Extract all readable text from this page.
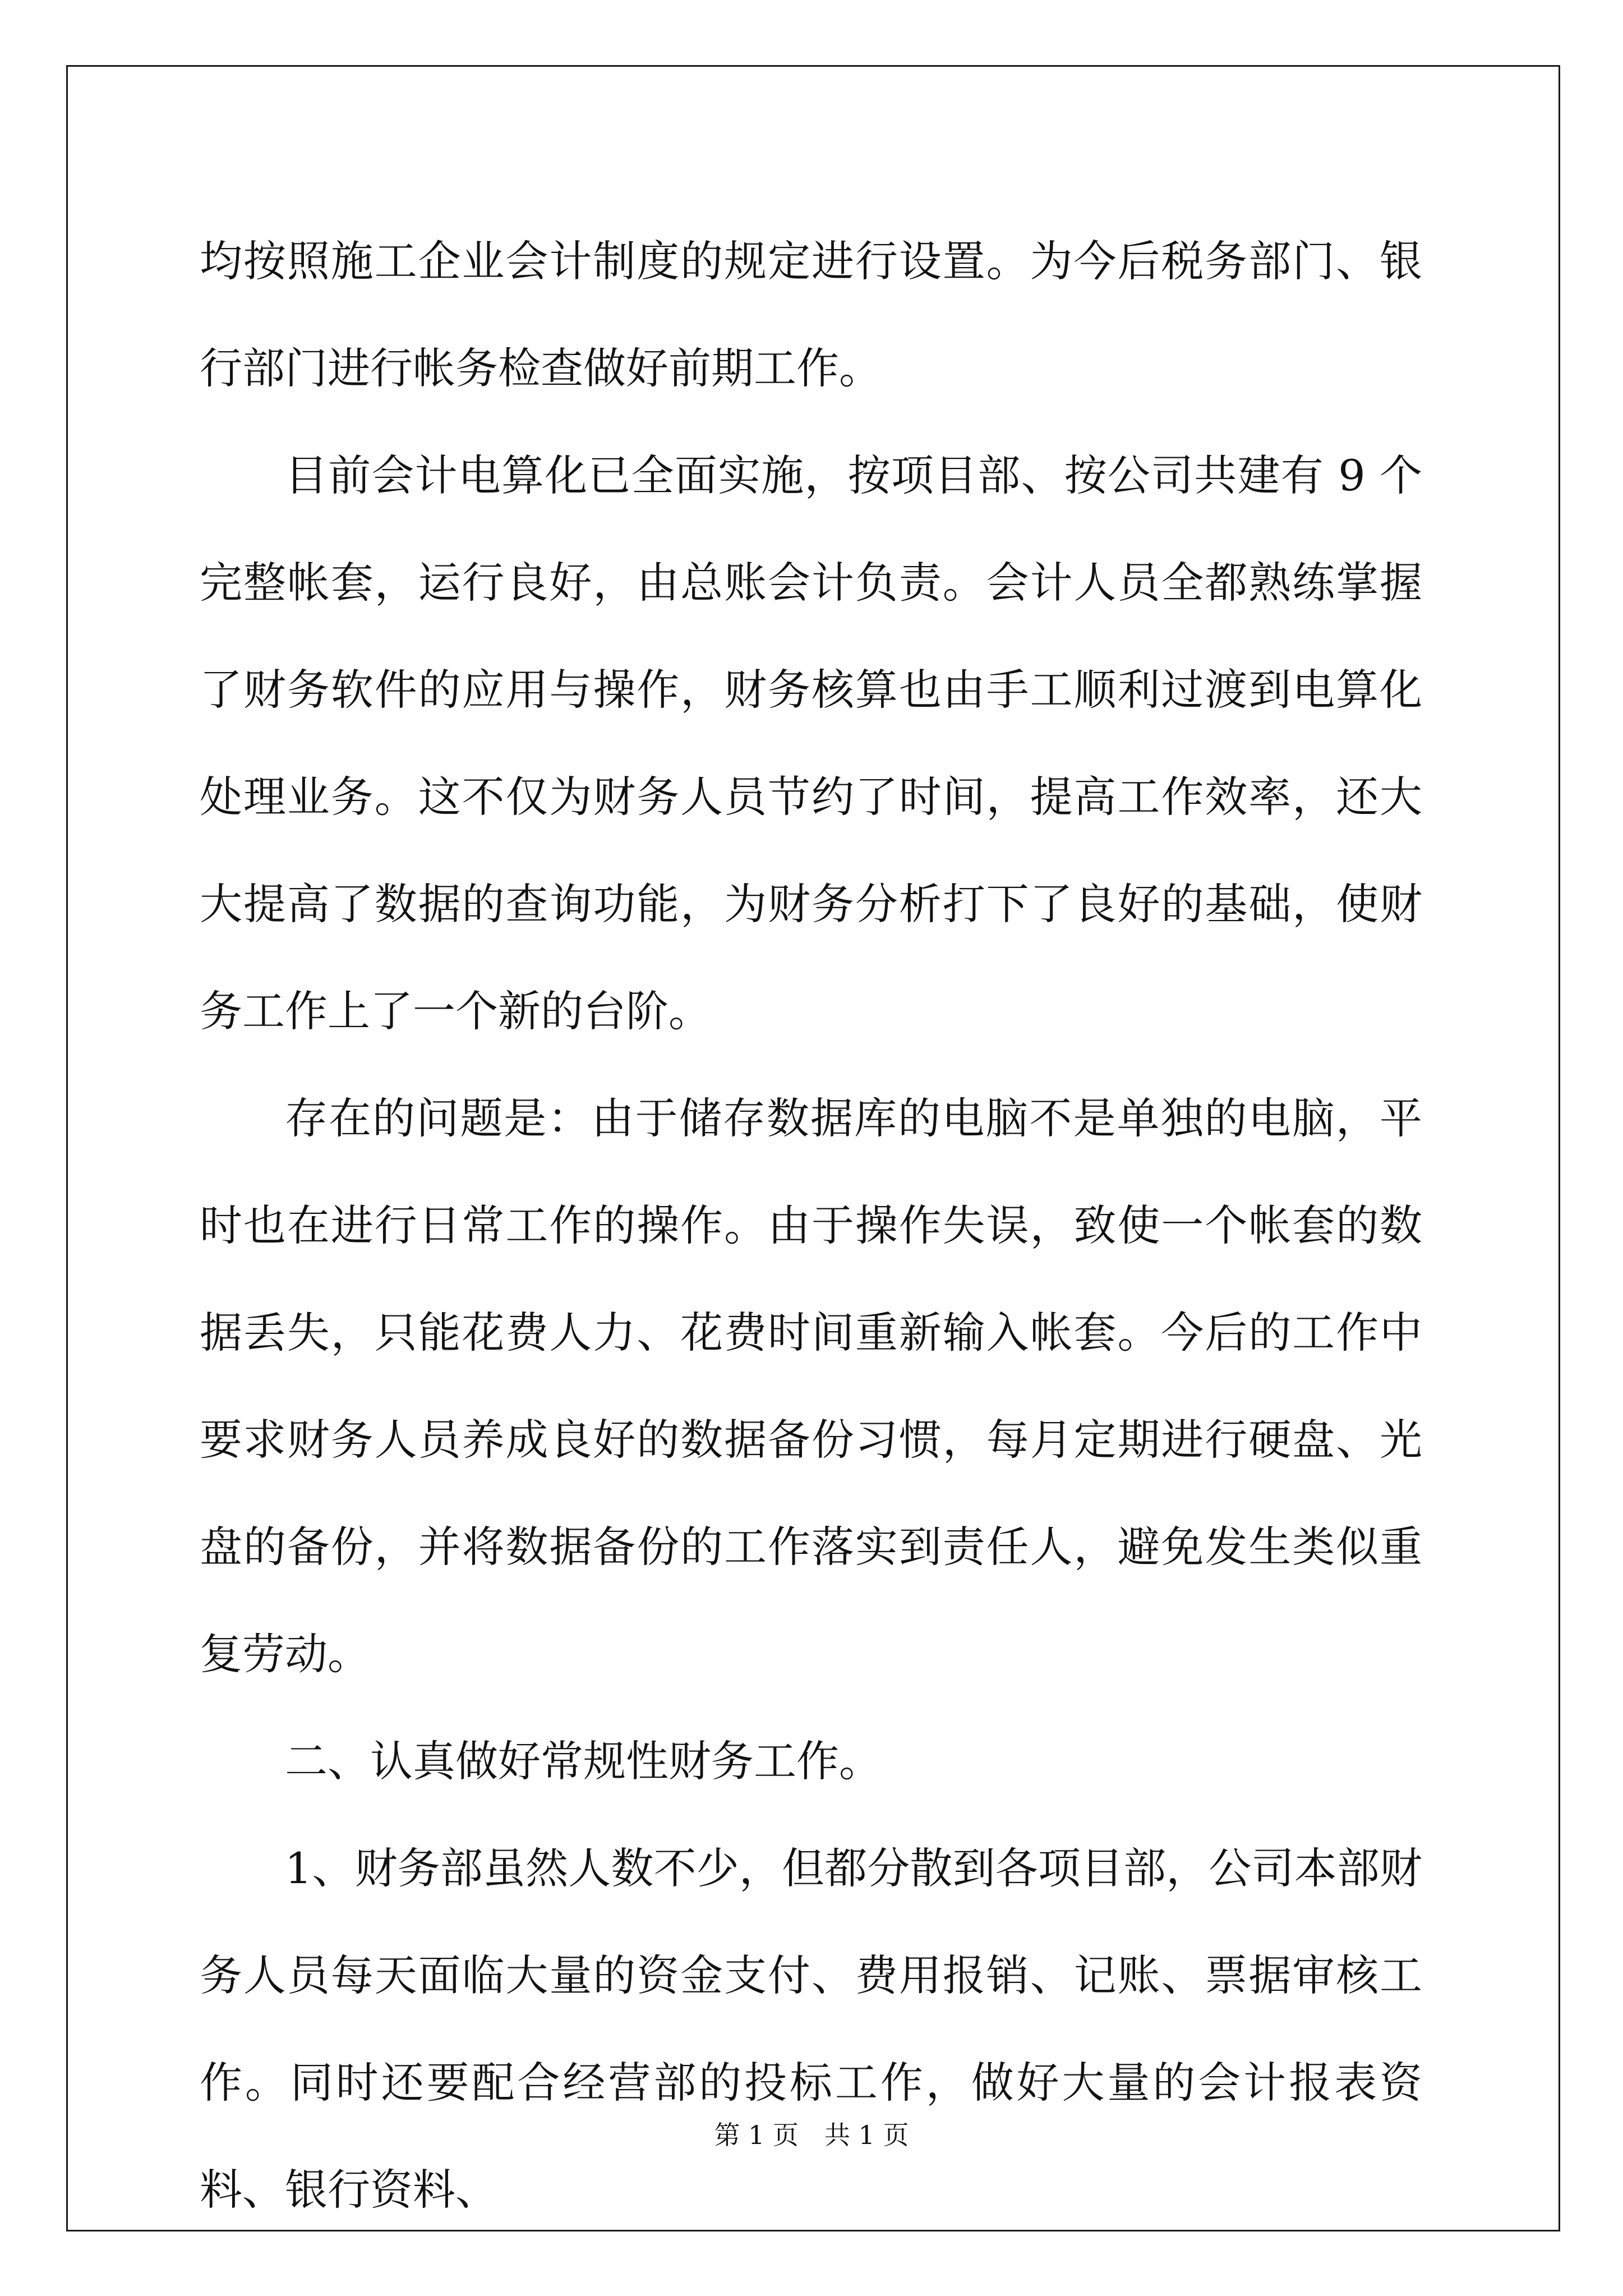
均按照施工企业会计制度的规定进行设置。为今后税务部门、银行部门进行帐务检查做好前期工作。

目前会计电算化已全面实施，按项目部、按公司共建有 9 个完整帐套，运行良好，由总账会计负责。会计人员全都熟练掌握了财务软件的应用与操作，财务核算也由手工顺利过渡到电算化处理业务。这不仅为财务人员节约了时间，提高工作效率，还大大提高了数据的查询功能，为财务分析打下了良好的基础，使财务工作上了一个新的台阶。

存在的问题是：由于储存数据库的电脑不是单独的电脑，平时也在进行日常工作的操作。由于操作失误，致使一个帐套的数据丢失，只能花费人力、花费时间重新输入帐套。今后的工作中要求财务人员养成良好的数据备份习惯，每月定期进行硬盘、光盘的备份，并将数据备份的工作落实到责任人，避免发生类似重复劳动。

二、认真做好常规性财务工作。

1、财务部虽然人数不少，但都分散到各项目部，公司本部财务人员每天面临大量的资金支付、费用报销、记账、票据审核工作。同时还要配合经营部的投标工作，做好大量的会计报表资料、银行资料、

第 1 页 共 1 页
